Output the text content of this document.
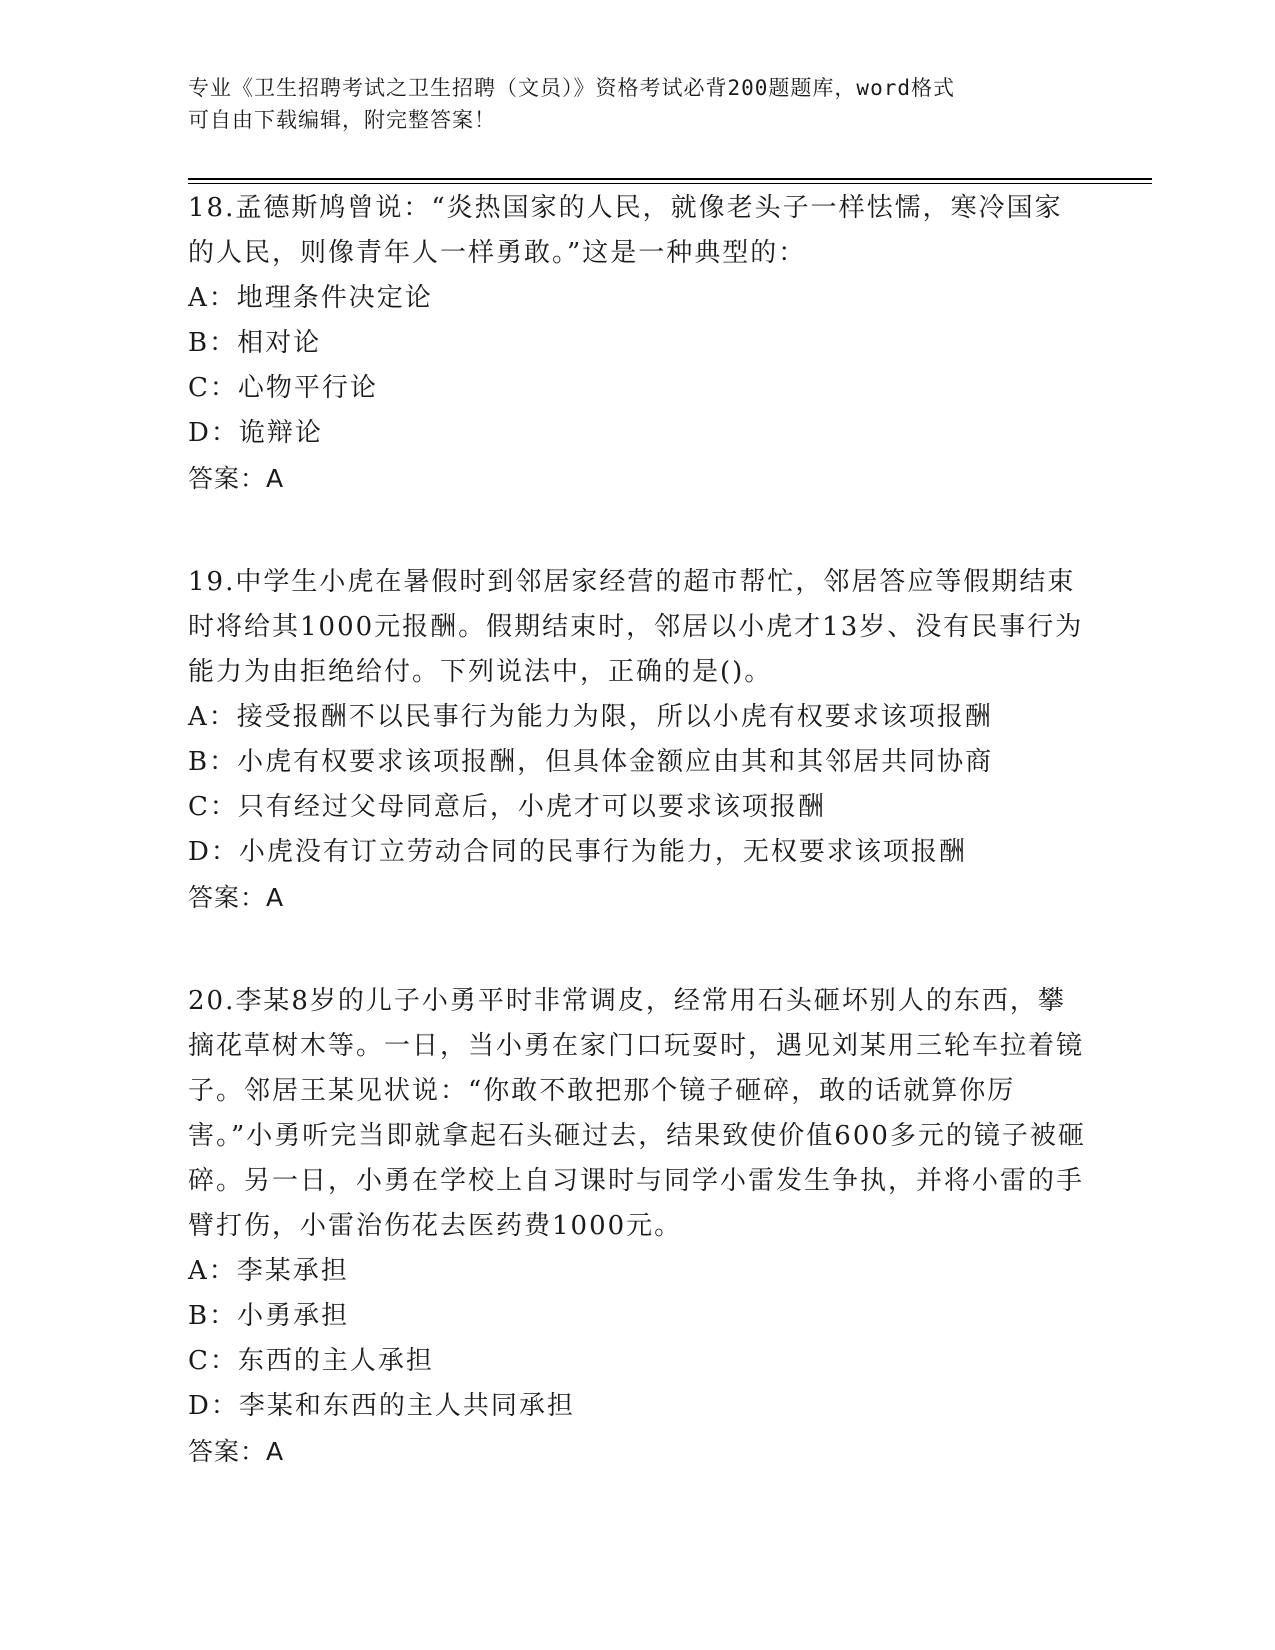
专业《卫生招聘考试之卫生招聘（文员）》资格考试必背200题题库，word格式
可自由下载编辑，附完整答案！

18.孟德斯鸠曾说：“炎热国家的人民，就像老头子一样怯懦，寒冷国家的人民，则像青年人一样勇敢。”这是一种典型的：

A：地理条件决定论

B：相对论

C：心物平行论

D：诡辩论

答案：A

19.中学生小虎在暑假时到邻居家经营的超市帮忙，邻居答应等假期结束时将给其1000元报酬。假期结束时，邻居以小虎才13岁、没有民事行为能力为由拒绝给付。下列说法中，正确的是()。

A：接受报酬不以民事行为能力为限，所以小虎有权要求该项报酬

B：小虎有权要求该项报酬，但具体金额应由其和其邻居共同协商

C：只有经过父母同意后，小虎才可以要求该项报酬

D：小虎没有订立劳动合同的民事行为能力，无权要求该项报酬

答案：A

20.李某8岁的儿子小勇平时非常调皮，经常用石头砸坏别人的东西，攀摘花草树木等。一日，当小勇在家门口玩耍时，遇见刘某用三轮车拉着镜子。邻居王某见状说：“你敢不敢把那个镜子砸碎，敢的话就算你厉害。”小勇听完当即就拿起石头砸过去，结果致使价值600多元的镜子被砸碎。另一日，小勇在学校上自习课时与同学小雷发生争执，并将小雷的手臂打伤，小雷治伤花去医药费1000元。

A：李某承担

B：小勇承担

C：东西的主人承担

D：李某和东西的主人共同承担

答案：A
